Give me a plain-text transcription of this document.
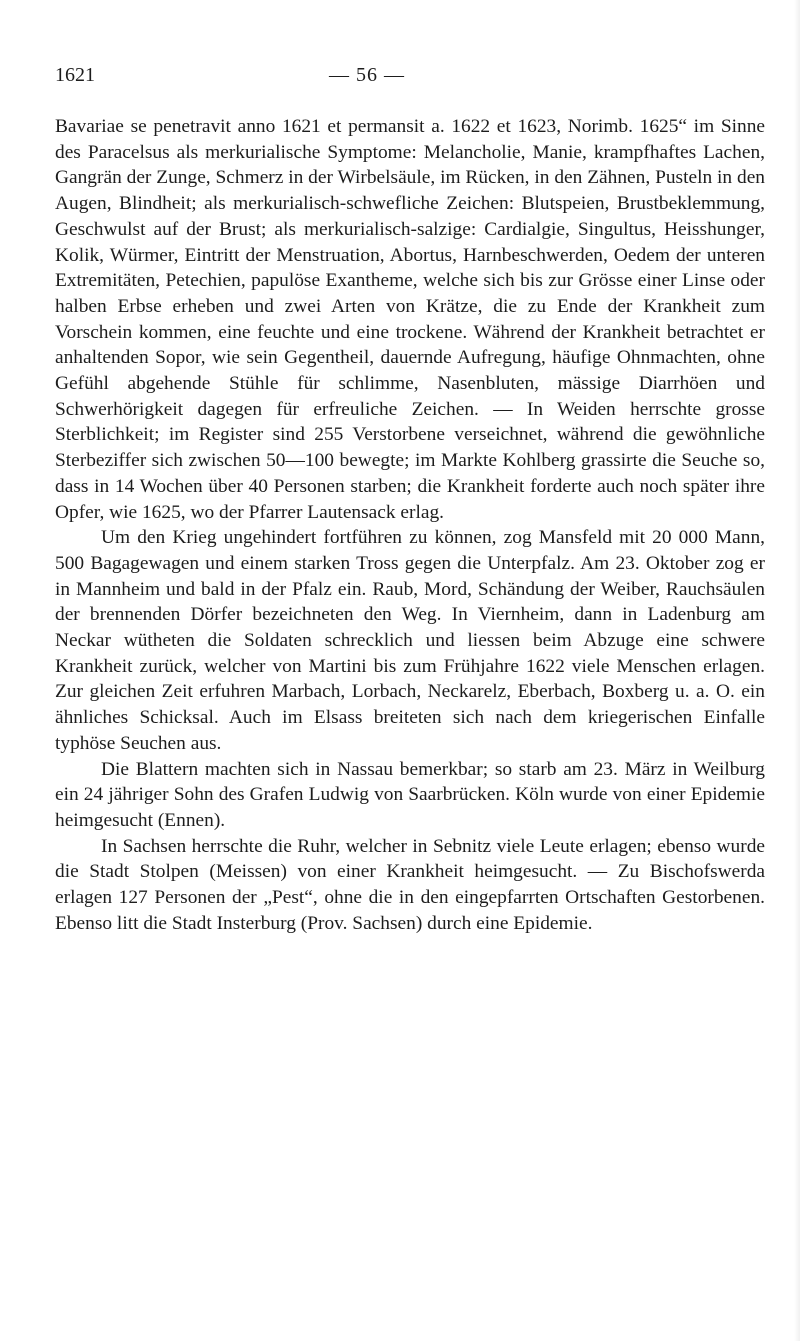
1621	— 56 —

Bavariae se penetravit anno 1621 et permansit a. 1622 et 1623, Norimb. 1625“ im Sinne des Paracelsus als merkurialische Symptome: Melancholie, Manie, krampfhaftes Lachen, Gangrän der Zunge, Schmerz in der Wirbelsäule, im Rücken, in den Zähnen, Pusteln in den Augen, Blindheit; als merkurialisch-schwefliche Zeichen: Blutspeien, Brustbeklemmung, Geschwulst auf der Brust; als merkurialisch-salzige: Cardialgie, Singultus, Heisshunger, Kolik, Würmer, Eintritt der Menstruation, Abortus, Harnbeschwerden, Oedem der unteren Extremitäten, Petechien, papulöse Exantheme, welche sich bis zur Grösse einer Linse oder halben Erbse erheben und zwei Arten von Krätze, die zu Ende der Krankheit zum Vorschein kommen, eine feuchte und eine trockene. Während der Krankheit betrachtet er anhaltenden Sopor, wie sein Gegentheil, dauernde Aufregung, häufige Ohnmachten, ohne Gefühl abgehende Stühle für schlimme, Nasenbluten, mässige Diarrhöen und Schwerhörigkeit dagegen für erfreuliche Zeichen. — In Weiden herrschte grosse Sterblichkeit; im Register sind 255 Verstorbene verseichnet, während die gewöhnliche Sterbeziffer sich zwischen 50—100 bewegte; im Markte Kohlberg grassirte die Seuche so, dass in 14 Wochen über 40 Personen starben; die Krankheit forderte auch noch später ihre Opfer, wie 1625, wo der Pfarrer Lautensack erlag.

Um den Krieg ungehindert fortführen zu können, zog Mansfeld mit 20 000 Mann, 500 Bagagewagen und einem starken Tross gegen die Unterpfalz. Am 23. Oktober zog er in Mannheim und bald in der Pfalz ein. Raub, Mord, Schändung der Weiber, Rauchsäulen der brennenden Dörfer bezeichneten den Weg. In Viernheim, dann in Ladenburg am Neckar wütheten die Soldaten schrecklich und liessen beim Abzuge eine schwere Krankheit zurück, welcher von Martini bis zum Frühjahre 1622 viele Menschen erlagen. Zur gleichen Zeit erfuhren Marbach, Lorbach, Neckarelz, Eberbach, Boxberg u. a. O. ein ähnliches Schicksal. Auch im Elsass breiteten sich nach dem kriegerischen Einfalle typhöse Seuchen aus.

Die Blattern machten sich in Nassau bemerkbar; so starb am 23. März in Weilburg ein 24 jähriger Sohn des Grafen Ludwig von Saarbrücken. Köln wurde von einer Epidemie heimgesucht (Ennen).

In Sachsen herrschte die Ruhr, welcher in Sebnitz viele Leute erlagen; ebenso wurde die Stadt Stolpen (Meissen) von einer Krankheit heimgesucht. — Zu Bischofswerda erlagen 127 Personen der „Pest“, ohne die in den eingepfarrten Ortschaften Gestorbenen. Ebenso litt die Stadt Insterburg (Prov. Sachsen) durch eine Epidemie.
